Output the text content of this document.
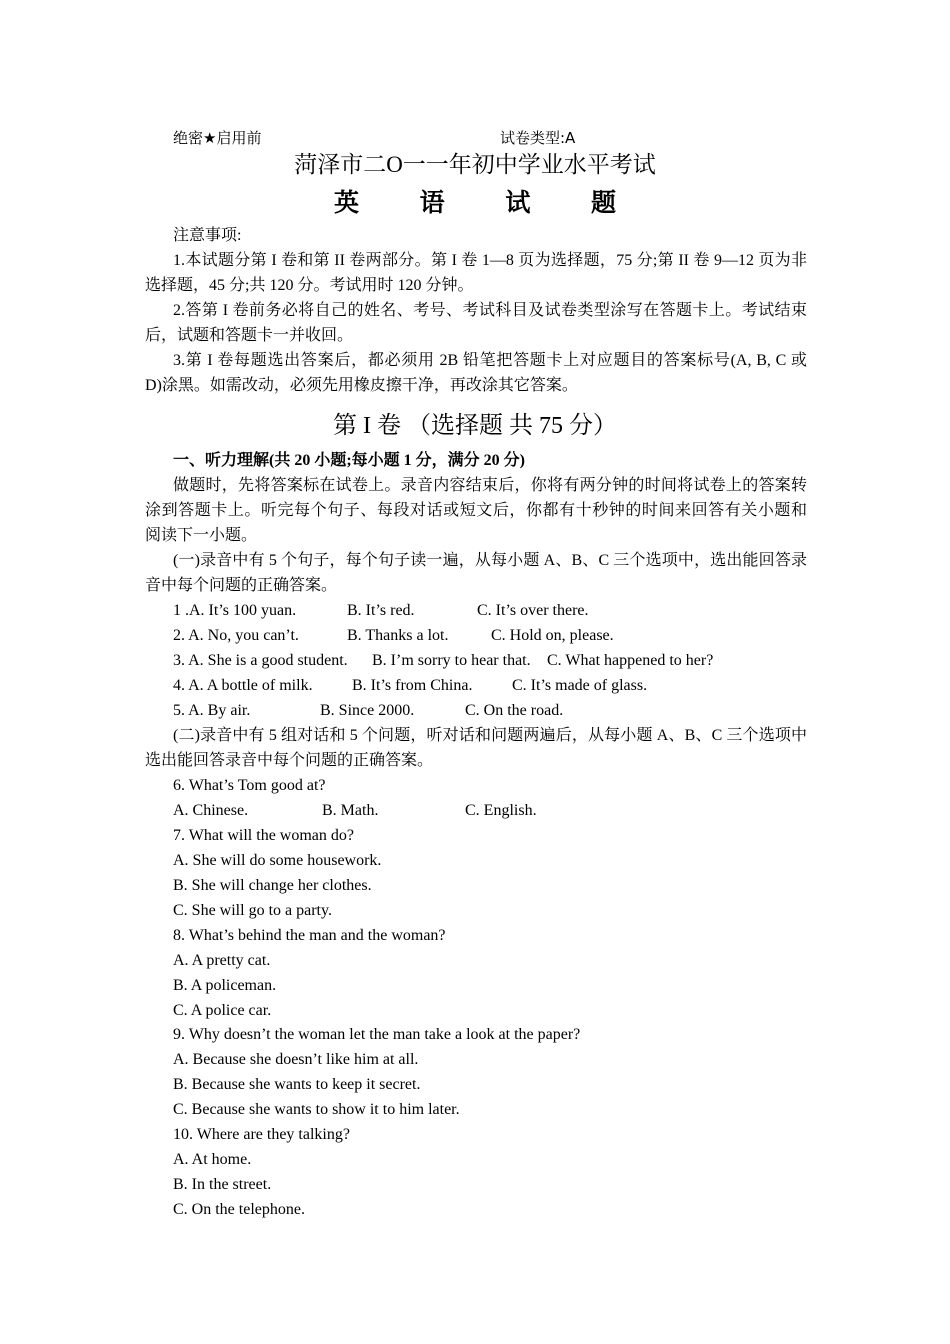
绝密★启用前	试卷类型:A
菏泽市二O一一年初中学业水平考试
英 语 试 题
注意事项:
1.本试题分第 I 卷和第 II 卷两部分。第 I 卷 1—8 页为选择题，75 分;第 II 卷 9—12 页为非
选择题，45 分;共 120 分。考试用时 120 分钟。
2.答第 I 卷前务必将自己的姓名、考号、考试科目及试卷类型涂写在答题卡上。考试结束
后，试题和答题卡一并收回。
3.第 I 卷每题选出答案后，都必须用 2B 铅笔把答题卡上对应题目的答案标号(A, B, C 或
D)涂黑。如需改动，必须先用橡皮擦干净，再改涂其它答案。
第 I 卷 （选择题 共 75 分）
一、听力理解(共 20 小题;每小题 1 分，满分 20 分)
做题时，先将答案标在试卷上。录音内容结束后，你将有两分钟的时间将试卷上的答案转
涂到答题卡上。听完每个句子、每段对话或短文后，你都有十秒钟的时间来回答有关小题和
阅读下一小题。
(一)录音中有 5 个句子，每个句子读一遍，从每小题 A、B、C 三个选项中，选出能回答录
音中每个问题的正确答案。
1 .A. It’s 100 yuan.	B. It’s red.	C. It’s over there.
2. A. No, you can’t.	B. Thanks a lot.	C. Hold on, please.
3. A. She is a good student. B. I’m sorry to hear that. C. What happened to her?
4. A. A bottle of milk. B. It’s from China. C. It’s made of glass.
5. A. By air.	B. Since 2000.	C. On the road.
(二)录音中有 5 组对话和 5 个问题，听对话和问题两遍后，从每小题 A、B、C 三个选项中
选出能回答录音中每个问题的正确答案。
6. What’s Tom good at?
A. Chinese.	B. Math.	C. English.
7. What will the woman do?
A. She will do some housework.
B. She will change her clothes.
C. She will go to a party.
8. What’s behind the man and the woman?
A. A pretty cat.
B. A policeman.
C. A police car.
9. Why doesn’t the woman let the man take a look at the paper?
A. Because she doesn’t like him at all.
B. Because she wants to keep it secret.
C. Because she wants to show it to him later.
10. Where are they talking?
A. At home.
B. In the street.
C. On the telephone.
